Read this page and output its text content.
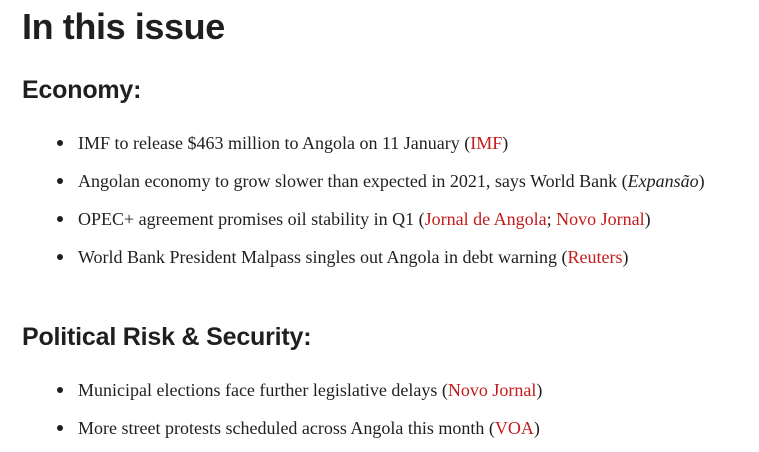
In this issue
Economy:
IMF to release $463 million to Angola on 11 January (IMF)
Angolan economy to grow slower than expected in 2021, says World Bank (Expansão)
OPEC+ agreement promises oil stability in Q1 (Jornal de Angola; Novo Jornal)
World Bank President Malpass singles out Angola in debt warning (Reuters)
Political Risk & Security:
Municipal elections face further legislative delays (Novo Jornal)
More street protests scheduled across Angola this month (VOA)
